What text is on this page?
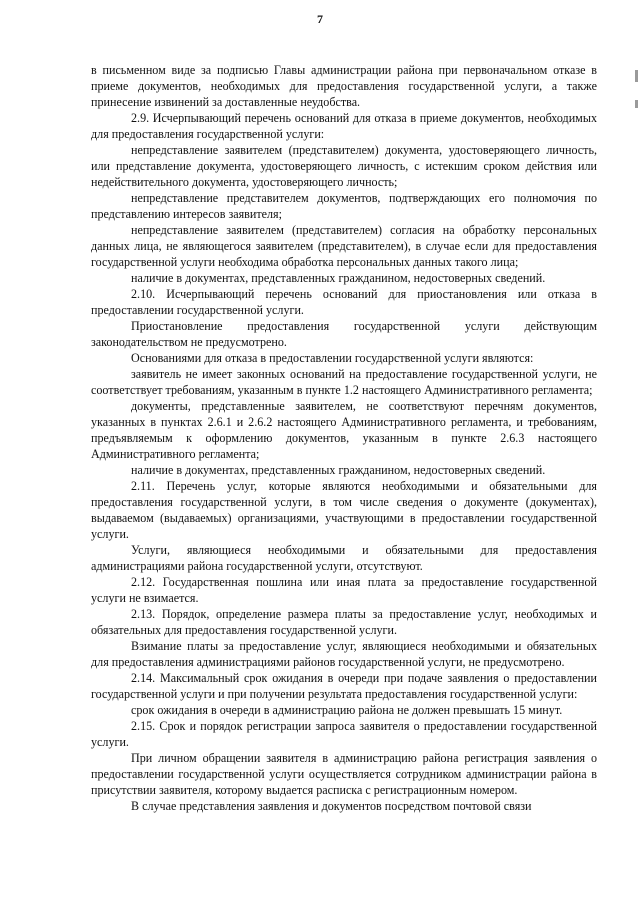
7

в письменном виде за подписью Главы администрации района при первоначальном отказе в приеме документов, необходимых для предоставления государственной услуги, а также принесение извинений за доставленные неудобства.

2.9. Исчерпывающий перечень оснований для отказа в приеме документов, необходимых для предоставления государственной услуги:

непредставление заявителем (представителем) документа, удостоверяющего личность, или представление документа, удостоверяющего личность, с истекшим сроком действия или недействительного документа, удостоверяющего личность;

непредставление представителем документов, подтверждающих его полномочия по представлению интересов заявителя;

непредставление заявителем (представителем) согласия на обработку персональных данных лица, не являющегося заявителем (представителем), в случае если для предоставления государственной услуги необходима обработка персональных данных такого лица;

наличие в документах, представленных гражданином, недостоверных сведений.

2.10. Исчерпывающий перечень оснований для приостановления или отказа в предоставлении государственной услуги.

Приостановление предоставления государственной услуги действующим законодательством не предусмотрено.

Основаниями для отказа в предоставлении государственной услуги являются:

заявитель не имеет законных оснований на предоставление государственной услуги, не соответствует требованиям, указанным в пункте 1.2 настоящего Административного регламента;

документы, представленные заявителем, не соответствуют перечням документов, указанных в пунктах 2.6.1 и 2.6.2 настоящего Административного регламента, и требованиям, предъявляемым к оформлению документов, указанным в пункте 2.6.3 настоящего Административного регламента;

наличие в документах, представленных гражданином, недостоверных сведений.

2.11. Перечень услуг, которые являются необходимыми и обязательными для предоставления государственной услуги, в том числе сведения о документе (документах), выдаваемом (выдаваемых) организациями, участвующими в предоставлении государственной услуги.

Услуги, являющиеся необходимыми и обязательными для предоставления администрациями района государственной услуги, отсутствуют.

2.12. Государственная пошлина или иная плата за предоставление государственной услуги не взимается.

2.13. Порядок, определение размера платы за предоставление услуг, необходимых и обязательных для предоставления государственной услуги.

Взимание платы за предоставление услуг, являющиеся необходимыми и обязательных для предоставления администрациями районов государственной услуги, не предусмотрено.

2.14. Максимальный срок ожидания в очереди при подаче заявления о предоставлении государственной услуги и при получении результата предоставления государственной услуги:

срок ожидания в очереди в администрацию района не должен превышать 15 минут.

2.15. Срок и порядок регистрации запроса заявителя о предоставлении государственной услуги.

При личном обращении заявителя в администрацию района регистрация заявления о предоставлении государственной услуги осуществляется сотрудником администрации района в присутствии заявителя, которому выдается расписка с регистрационным номером.

В случае представления заявления и документов посредством почтовой связи
